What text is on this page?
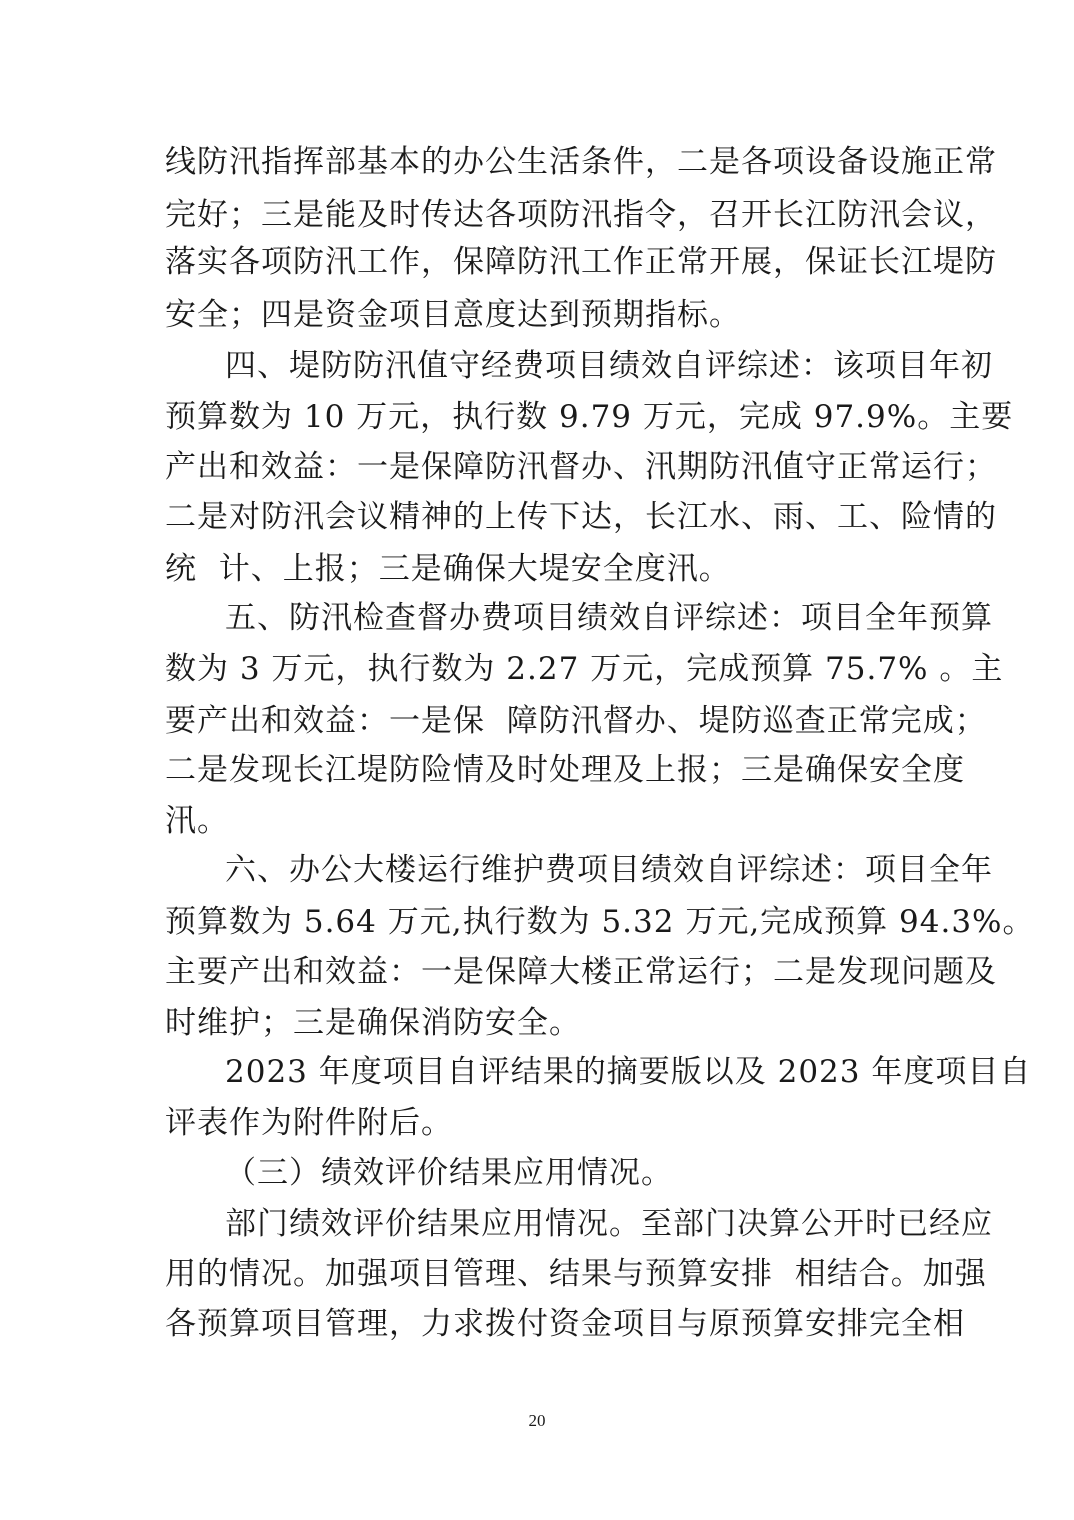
线防汛指挥部基本的办公生活条件，二是各项设备设施正常
完好；三是能及时传达各项防汛指令，召开长江防汛会议，
落实各项防汛工作，保障防汛工作正常开展，保证长江堤防
安全；四是资金项目意度达到预期指标。
四、堤防防汛值守经费项目绩效自评综述：该项目年初
预算数为 10 万元，执行数 9.79 万元，完成 97.9%。主要
产出和效益：一是保障防汛督办、汛期防汛值守正常运行；
二是对防汛会议精神的上传下达，长江水、雨、工、险情的
统  计、上报；三是确保大堤安全度汛。
五、防汛检查督办费项目绩效自评综述：项目全年预算
数为 3 万元，执行数为 2.27 万元，完成预算 75.7% 。主
要产出和效益：一是保  障防汛督办、堤防巡查正常完成；
二是发现长江堤防险情及时处理及上报；三是确保安全度
汛。
六、办公大楼运行维护费项目绩效自评综述：项目全年
预算数为 5.64 万元,执行数为 5.32 万元,完成预算 94.3%。
主要产出和效益：一是保障大楼正常运行；二是发现问题及
时维护；三是确保消防安全。
2023 年度项目自评结果的摘要版以及 2023 年度项目自
评表作为附件附后。
（三）绩效评价结果应用情况。
部门绩效评价结果应用情况。至部门决算公开时已经应
用的情况。加强项目管理、结果与预算安排  相结合。加强
各预算项目管理，力求拨付资金项目与原预算安排完全相
20
